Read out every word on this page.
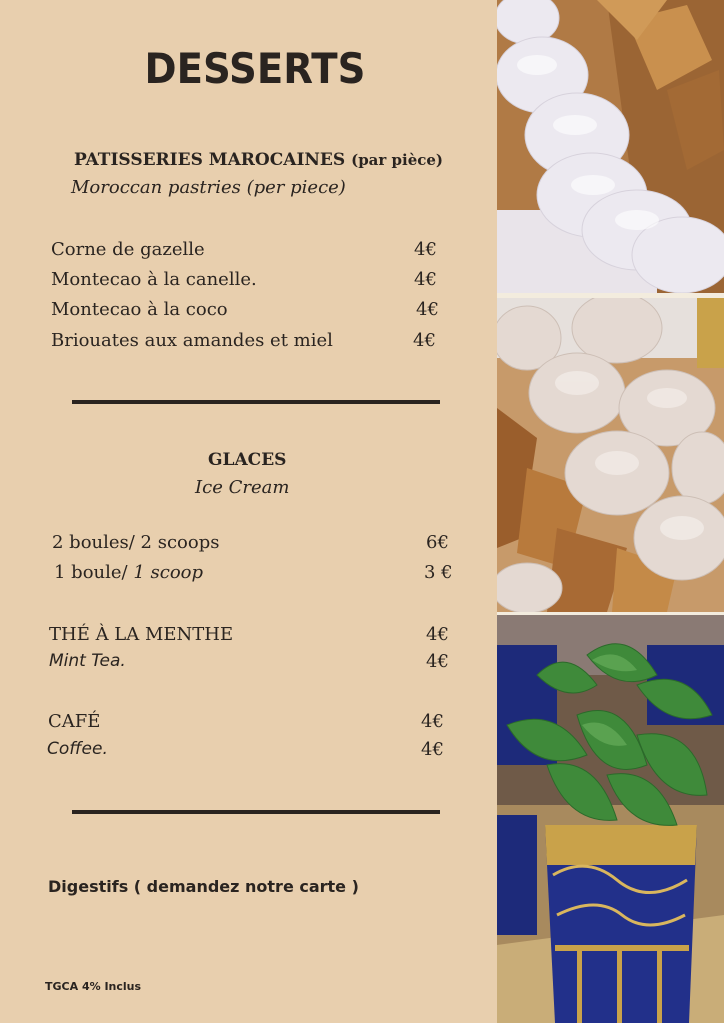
DESSERTS
PATISSERIES MAROCAINES (par pièce)
Moroccan pastries (per piece)
Corne de gazelle	4€
Montecao à la canelle.	4€
Montecao à la coco	4€
Briouates aux amandes et miel	4€
GLACES
Ice Cream
2 boules/ 2 scoops	6€
1 boule/ 1 scoop	3 €
THÉ À LA MENTHE	4€
Mint Tea.	4€
CAFÉ	4€
Coffee.	4€
Digestifs ( demandez notre carte )
TGCA 4% Inclus
